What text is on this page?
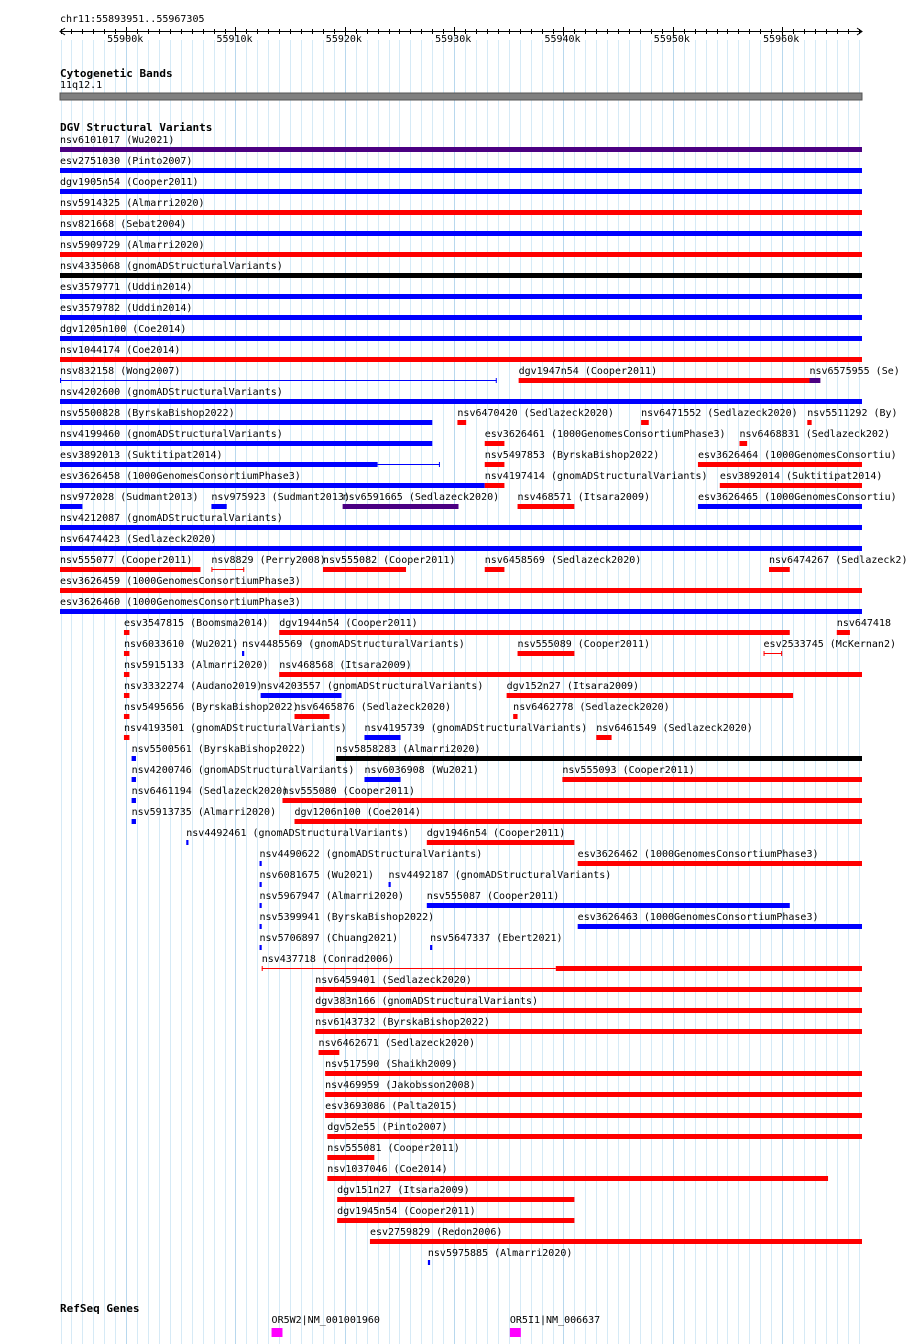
chr11:55893951..55967305
55900k	55910k	55920k	55930k	55940k	55950k	55960k
Cytogenetic Bands
11q12.1
DGV Structural Variants
nsv6101017 (Wu2021)
esv2751030 (Pinto2007)
dgv1905n54 (Cooper2011)
nsv5914325 (Almarri2020)
nsv821668 (Sebat2004)
nsv5909729 (Almarri2020)
nsv4335068 (gnomADStructuralVariants)
esv3579771 (Uddin2014)
esv3579782 (Uddin2014)
dgv1205n100 (Coe2014)
nsv1044174 (Coe2014)
nsv832158 (Wong2007)	dgv1947n54 (Cooper2011)	nsv6575955 (Se)
nsv4202600 (gnomADStructuralVariants)
nsv5500828 (ByrskaBishop2022)	nsv6470420 (Sedlazeck2020)	nsv6471552 (Sedlazeck2020) nsv5511292 (By)
nsv4199460 (gnomADStructuralVariants)	esv3626461 (1000GenomesConsortiumPhase3) nsv6468831 (Sedlazeck202)
esv3892013 (Suktitipat2014)	nsv5497853 (ByrskaBishop2022)	esv3626464 (1000GenomesConsortiu)
esv3626458 (1000GenomesConsortiumPhase3)	nsv4197414 (gnomADStructuralVariants) esv3892014 (Suktitipat2014)
nsv972028 (Sudmant2013) nsv975923 (Sudmant2013)
nsv6591665 (Sedlazeck2020) nsv468571 (Itsara2009)	esv3626465 (1000GenomesConsortiu)
nsv4212087 (gnomADStructuralVariants)
nsv6474423 (Sedlazeck2020)
nsv555077 (Cooper2011) nsv8829 (Perry2008)
nsv555082 (Cooper2011)	nsv6458569 (Sedlazeck2020)	nsv6474267 (Sedlazeck2)
esv3626459 (1000GenomesConsortiumPhase3)
esv3626460 (1000GenomesConsortiumPhase3)
esv3547815 (Boomsma2014) dgv1944n54 (Cooper2011)	nsv647418
nsv6033610 (Wu2021) nsv4485569 (gnomADStructuralVariants)	nsv555089 (Cooper2011)	esv2533745 (McKernan2)
nsv5915133 (Almarri2020) nsv468568 (Itsara2009)
nsv3332274 (Audano2019)
nsv4203557 (gnomADStructuralVariants) dgv152n27 (Itsara2009)
nsv5495656 (ByrskaBishop2022)
nsv6465876 (Sedlazeck2020)	nsv6462778 (Sedlazeck2020)
nsv4193501 (gnomADStructuralVariants) nsv4195739 (gnomADStructuralVariants) nsv6461549 (Sedlazeck2020)
nsv5500561 (ByrskaBishop2022)	nsv5858283 (Almarri2020)
nsv4200746 (gnomADStructuralVariants) nsv6036908 (Wu2021)	nsv555093 (Cooper2011)
nsv6461194 (Sedlazeck2020)
nsv555080 (Cooper2011)
nsv5913735 (Almarri2020) dgv1206n100 (Coe2014)
nsv4492461 (gnomADStructuralVariants) dgv1946n54 (Cooper2011)
nsv4490622 (gnomADStructuralVariants)	esv3626462 (1000GenomesConsortiumPhase3)
nsv6081675 (Wu2021) nsv4492187 (gnomADStructuralVariants)
nsv5967947 (Almarri2020) nsv555087 (Cooper2011)
nsv5399941 (ByrskaBishop2022)	esv3626463 (1000GenomesConsortiumPhase3)
nsv5706897 (Chuang2021)	nsv5647337 (Ebert2021)
nsv437718 (Conrad2006)
nsv6459401 (Sedlazeck2020)
dgv383n166 (gnomADStructuralVariants)
nsv6143732 (ByrskaBishop2022)
nsv6462671 (Sedlazeck2020)
nsv517590 (Shaikh2009)
nsv469959 (Jakobsson2008)
esv3693086 (Palta2015)
dgv52e55 (Pinto2007)
nsv555081 (Cooper2011)
nsv1037046 (Coe2014)
dgv151n27 (Itsara2009)
dgv1945n54 (Cooper2011)
esv2759829 (Redon2006)
nsv5975885 (Almarri2020)
RefSeq Genes
OR5W2|NM_001001960	OR5I1|NM_006637
